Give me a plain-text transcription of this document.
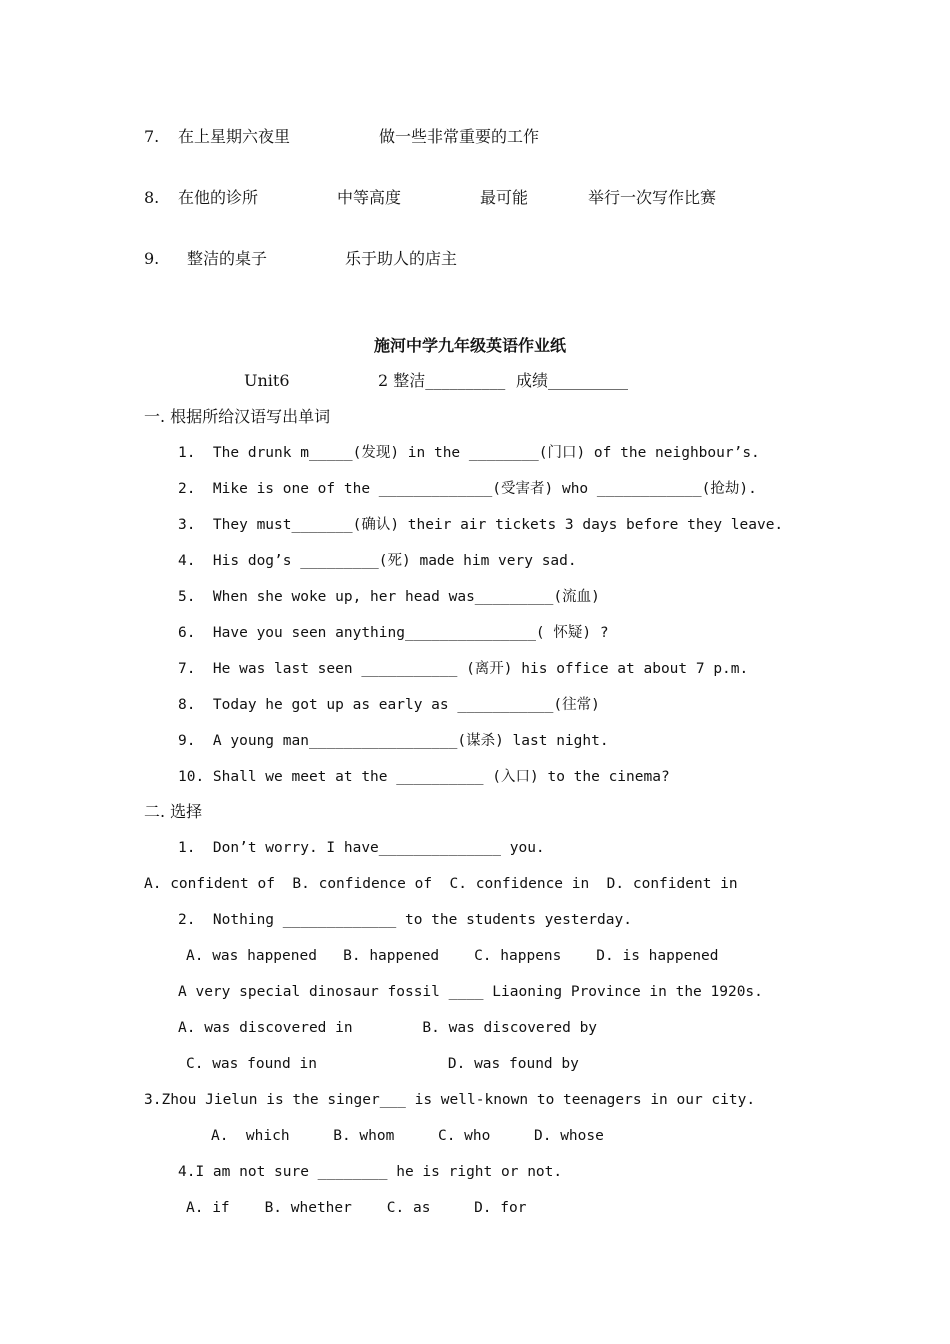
7. 在上星期六夜里	做一些非常重要的工作
8. 在他的诊所	中等高度	最可能	举行一次写作比赛
9. 整洁的桌子	乐于助人的店主
施河中学九年级英语作业纸
Unit6	2 整洁__________ 成绩__________
一. 根据所给汉语写出单词
1.  The drunk m_____(发现) in the ________(门口) of the neighbour’s.
2.  Mike is one of the _____________(受害者) who ____________(抢劫).
3.  They must_______(确认) their air tickets 3 days before they leave.
4.  His dog’s _________(死) made him very sad.
5.  When she woke up, her head was_________(流血)
6.  Have you seen anything_______________( 怀疑) ?
7.  He was last seen ___________ (离开) his office at about 7 p.m.
8.  Today he got up as early as ___________(往常)
9.  A young man_________________(谋杀) last night.
10. Shall we meet at the __________ (入口) to the cinema?
二. 选择
1.  Don’t worry. I have______________ you.
A. confident of  B. confidence of  C. confidence in  D. confident in
2.  Nothing _____________ to the students yesterday.
A. was happened   B. happened    C. happens    D. is happened
A very special dinosaur fossil ____ Liaoning Province in the 1920s.
A. was discovered in        B. was discovered by
C. was found in               D. was found by
3.Zhou Jielun is the singer___ is well-known to teenagers in our city.
A.  which     B. whom     C. who     D. whose
4.I am not sure ________ he is right or not.
A. if    B. whether    C. as     D. for
